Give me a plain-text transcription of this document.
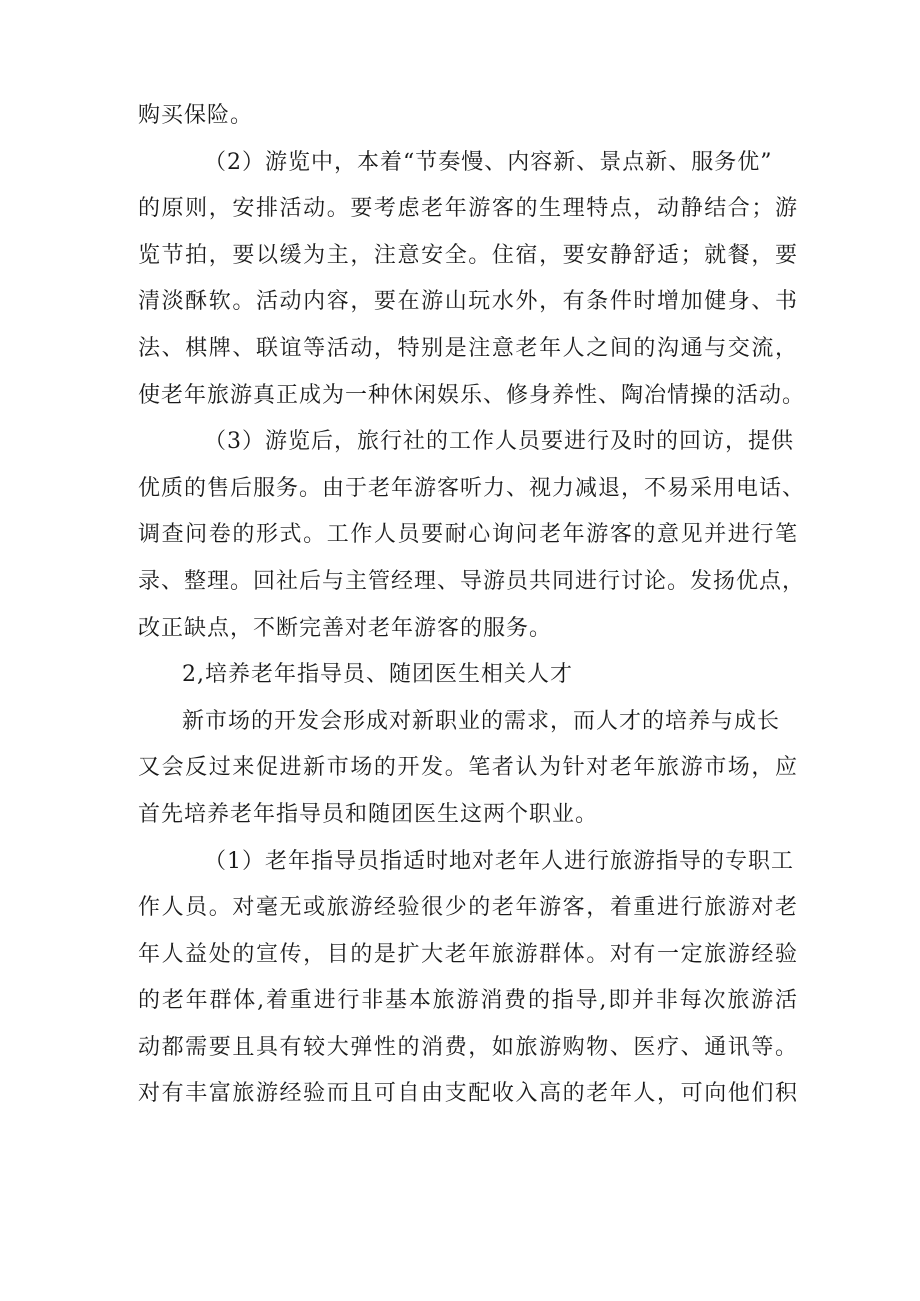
购买保险。
（2）游览中，本着“节奏慢、内容新、景点新、服务优”
的原则，安排活动。要考虑老年游客的生理特点，动静结合；游
览节拍，要以缓为主，注意安全。住宿，要安静舒适；就餐，要
清淡酥软。活动内容，要在游山玩水外，有条件时增加健身、书
法、棋牌、联谊等活动，特别是注意老年人之间的沟通与交流，
使老年旅游真正成为一种休闲娱乐、修身养性、陶冶情操的活动。
（3）游览后，旅行社的工作人员要进行及时的回访，提供
优质的售后服务。由于老年游客听力、视力减退，不易采用电话、
调查问卷的形式。工作人员要耐心询问老年游客的意见并进行笔
录、整理。回社后与主管经理、导游员共同进行讨论。发扬优点，
改正缺点，不断完善对老年游客的服务。
2,培养老年指导员、随团医生相关人才
新市场的开发会形成对新职业的需求，而人才的培养与成长
又会反过来促进新市场的开发。笔者认为针对老年旅游市场，应
首先培养老年指导员和随团医生这两个职业。
（1）老年指导员指适时地对老年人进行旅游指导的专职工
作人员。对毫无或旅游经验很少的老年游客，着重进行旅游对老
年人益处的宣传，目的是扩大老年旅游群体。对有一定旅游经验
的老年群体,着重进行非基本旅游消费的指导,即并非每次旅游活
动都需要且具有较大弹性的消费，如旅游购物、医疗、通讯等。
对有丰富旅游经验而且可自由支配收入高的老年人，可向他们积
